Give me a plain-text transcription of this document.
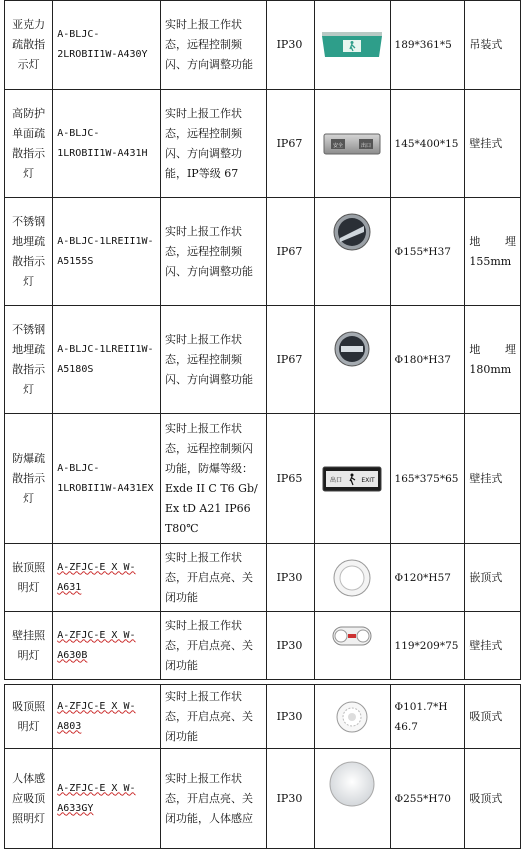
亚克力疏散指示灯	A-BLJC-2LROBII1W-A430Y	实时上报工作状态，远程控制频闪、方向调整功能	IP30		189*361*5	吊装式
高防护单面疏散指示灯	A-BLJC-1LROBII1W-A431H	实时上报工作状态，远程控制频闪、方向调整功能，IP等级 67	IP67	安全 出口	145*400*15	壁挂式
不锈钢地埋疏散指示灯	A-BLJC-1LREII1W-A5155S	实时上报工作状态，远程控制频闪、方向调整功能	IP67		Φ155*H37	地埋155mm
不锈钢地埋疏散指示灯	A-BLJC-1LREII1W-A5180S	实时上报工作状态，远程控制频闪、方向调整功能	IP67		Φ180*H37	地埋180mm
防爆疏散指示灯	A-BLJC-1LROBII1W-A431EX	实时上报工作状态，远程控制频闪功能，防爆等级：Exde II C T6 Gb/ Ex tD A21 IP66 T80℃	IP65	出口 EXIT	165*375*65	壁挂式
嵌顶照明灯	A-ZFJC-E X W-A631	实时上报工作状态，开启点亮、关闭功能	IP30		Φ120*H57	嵌顶式
壁挂照明灯	A-ZFJC-E X W-A630B	实时上报工作状态，开启点亮、关闭功能	IP30		119*209*75	壁挂式

吸顶照明灯	A-ZFJC-E X W-A803	实时上报工作状态，开启点亮、关闭功能	IP30		Φ101.7*H 46.7	吸顶式
人体感应吸顶照明灯	A-ZFJC-E X W-A633GY	实时上报工作状态，开启点亮、关闭功能，人体感应	IP30		Φ255*H70	吸顶式
